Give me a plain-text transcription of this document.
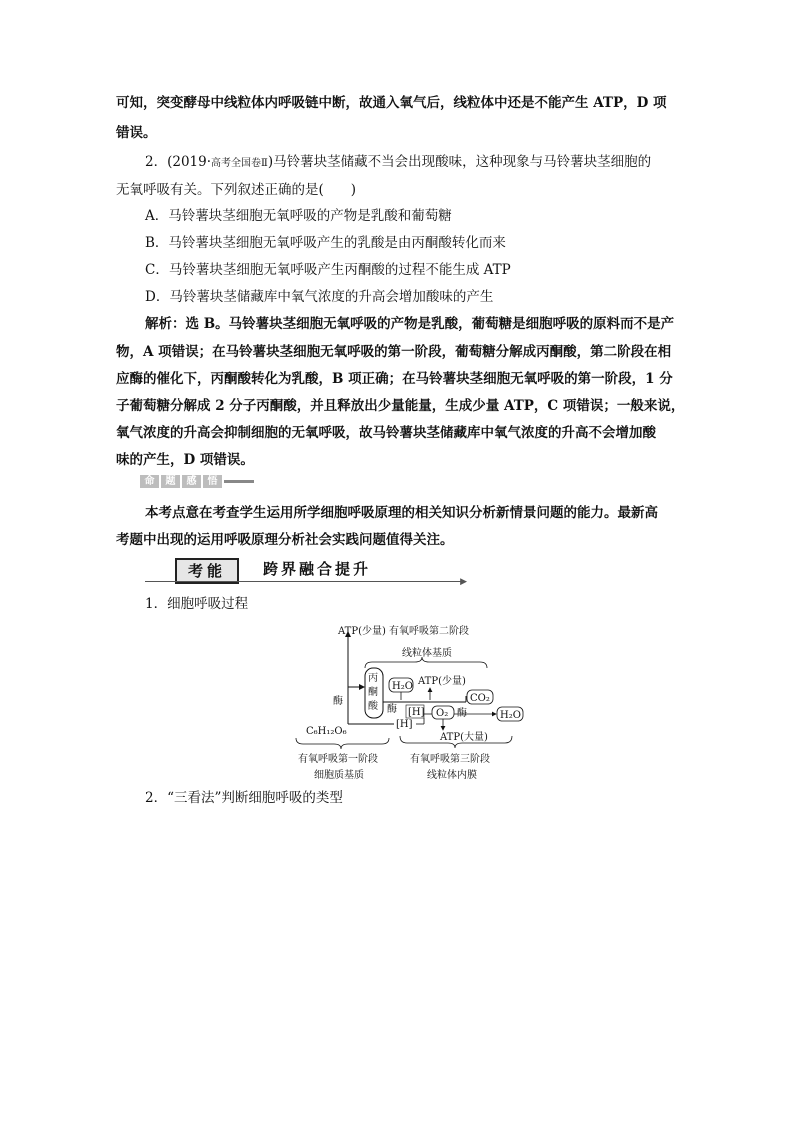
可知，突变酵母中线粒体内呼吸链中断，故通入氧气后，线粒体中还是不能产生 ATP，D 项
错误。
2．(2019·高考全国卷Ⅱ)马铃薯块茎储藏不当会出现酸味，这种现象与马铃薯块茎细胞的
无氧呼吸有关。下列叙述正确的是(　　)
A．马铃薯块茎细胞无氧呼吸的产物是乳酸和葡萄糖
B．马铃薯块茎细胞无氧呼吸产生的乳酸是由丙酮酸转化而来
C．马铃薯块茎细胞无氧呼吸产生丙酮酸的过程不能生成 ATP
D．马铃薯块茎储藏库中氧气浓度的升高会增加酸味的产生
解析：选 B。马铃薯块茎细胞无氧呼吸的产物是乳酸，葡萄糖是细胞呼吸的原料而不是产
物，A 项错误；在马铃薯块茎细胞无氧呼吸的第一阶段，葡萄糖分解成丙酮酸，第二阶段在相
应酶的催化下，丙酮酸转化为乳酸，B 项正确；在马铃薯块茎细胞无氧呼吸的第一阶段，1 分
子葡萄糖分解成 2 分子丙酮酸，并且释放出少量能量，生成少量 ATP，C 项错误；一般来说，
氧气浓度的升高会抑制细胞的无氧呼吸，故马铃薯块茎储藏库中氧气浓度的升高不会增加酸
味的产生，D 项错误。
命	题	感	悟
本考点意在考查学生运用所学细胞呼吸原理的相关知识分析新情景问题的能力。最新高
考题中出现的运用呼吸原理分析社会实践问题值得关注。
考能	跨界融合提升
▶
1．细胞呼吸过程
ATP(少量) 有氧呼吸第二阶段
线粒体基质
酶
丙
酮
酸
H₂O ATP(少量)
CO₂
酶 [H] O₂ 酶	H₂O
[H]
C₆H₁₂O₆
ATP(大量)
有氧呼吸第一阶段
细胞质基质
有氧呼吸第三阶段
线粒体内膜
2．“三看法”判断细胞呼吸的类型
